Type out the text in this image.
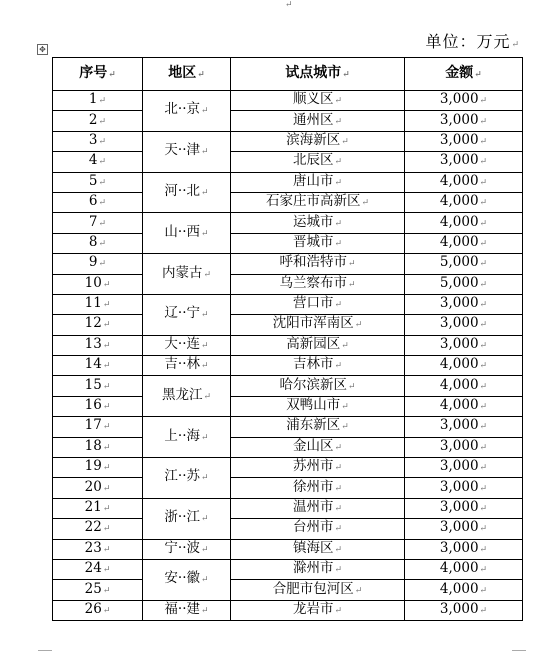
↵
单位：万元↵
✥
序号↵	地区↵	试点城市↵	金额↵
1↵	北··京↵	顺义区↵	3,000↵
2↵		通州区↵	3,000↵
3↵	天··津↵	滨海新区↵	3,000↵
4↵		北辰区↵	3,000↵
5↵	河··北↵	唐山市↵	4,000↵
6↵		石家庄市高新区↵	4,000↵
7↵	山··西↵	运城市↵	4,000↵
8↵		晋城市↵	4,000↵
9↵	内蒙古↵	呼和浩特市↵	5,000↵
10↵		乌兰察布市↵	5,000↵
11↵	辽··宁↵	营口市↵	3,000↵
12↵		沈阳市浑南区↵	3,000↵
13↵	大··连↵	高新园区↵	3,000↵
14↵	吉··林↵	吉林市↵	4,000↵
15↵	黑龙江↵	哈尔滨新区↵	4,000↵
16↵		双鸭山市↵	4,000↵
17↵	上··海↵	浦东新区↵	3,000↵
18↵		金山区↵	3,000↵
19↵	江··苏↵	苏州市↵	3,000↵
20↵		徐州市↵	3,000↵
21↵	浙··江↵	温州市↵	3,000↵
22↵		台州市↵	3,000↵
23↵	宁··波↵	镇海区↵	3,000↵
24↵	安··徽↵	滁州市↵	4,000↵
25↵		合肥市包河区↵	4,000↵
26↵	福··建↵	龙岩市↵	3,000↵
